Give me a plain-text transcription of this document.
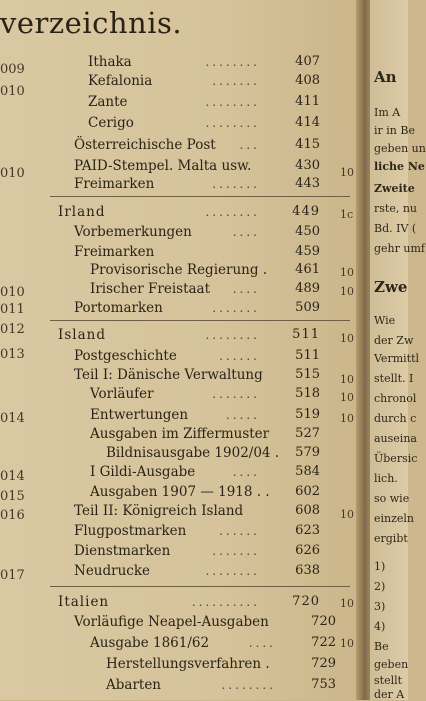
verzeichnis.
009
010
010
010
011
012
013
014
014
015
016
017
10
1c
10
10
10
10
10
10
10
10
10
Ithaka	........	407
Kefalonia	.......	408
Zante	........	411
Cerigo	........	414
Österreichische Post ...	415
PAID-Stempel. Malta usw.	430
Freimarken	.......	443
Irland	........ 449
Vorbemerkungen	....	450
Freimarken	459
Provisorische Regierung . 461
Irischer Freistaat ....	489
Portomarken	.......	509
Island	........ 511
Postgeschichte	......	511
Teil I: Dänische Verwaltung 515
Vorläufer	.......	518
Entwertungen	.....	519
Ausgaben im Ziffermuster 527
Bildnisausgabe 1902/04 . 579
I Gildi-Ausgabe	....	584
Ausgaben 1907 — 1918 . . 602
Teil II: Königreich Island	608
Flugpostmarken	......	623
Dienstmarken	.......	626
Neudrucke	........	638
Italien	.......... 720
Vorläufige Neapel-Ausgaben	720
Ausgabe 1861/62	....	722
Herstellungsverfahren .	729
Abarten	........	753
An
Im A
ir in Be
geben un
liche Ne
Zweite
rste, nu
Bd. IV (
gehr umf
Zwe
Wie
der Zw
Vermittl
stellt. I
chronol
durch c
auseina
Übersic
lich.
so wie
einzeln
ergibt
1)
2)
3)
4)
Be
geben
stellt
der A
